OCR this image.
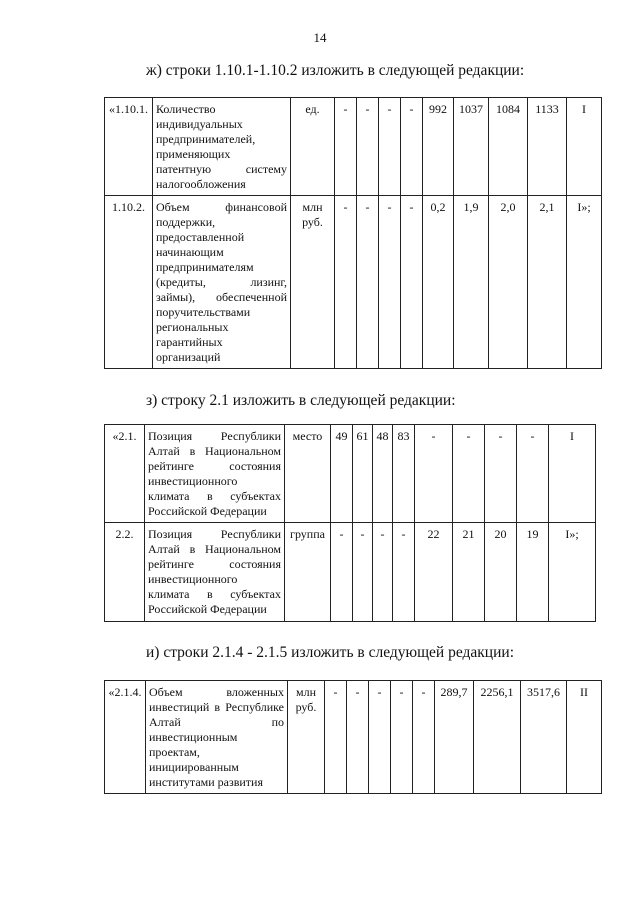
14
ж) строки 1.10.1-1.10.2 изложить в следующей редакции:
«1.10.1.	Количество индивидуальных предпринимателей, применяющих патентную систему налогообложения	ед.	-	-	-	-	992	1037	1084	1133	I
1.10.2.	Объем финансовой поддержки, предоставленной начинающим предпринимателям (кредиты, лизинг, займы), обеспеченной поручительствами региональных гарантийных организаций	млн руб.	-	-	-	-	0,2	1,9	2,0	2,1	I»;
з) строку 2.1 изложить в следующей редакции:
«2.1.	Позиция Республики Алтай в Национальном рейтинге состояния инвестиционного климата в субъектах Российской Федерации	место	49	61	48	83	-	-	-	-	I
2.2.	Позиция Республики Алтай в Национальном рейтинге состояния инвестиционного климата в субъектах Российской Федерации	группа	-	-	-	-	22	21	20	19	I»;
и) строки 2.1.4 - 2.1.5 изложить в следующей редакции:
«2.1.4.	Объем вложенных инвестиций в Республике Алтай по инвестиционным проектам, инициированным институтами развития	млн руб.	-	-	-	-	-	289,7	2256,1	3517,6	II
